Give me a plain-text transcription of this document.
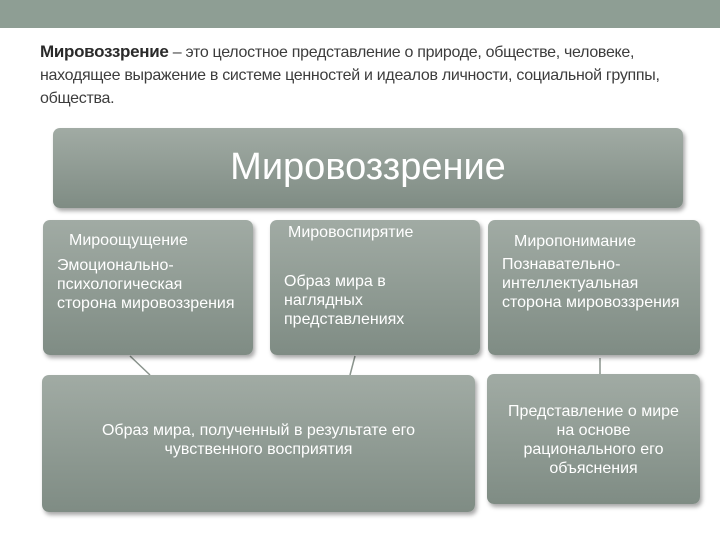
Мировоззрение – это целостное представление о природе, обществе, человеке, находящее выражение в системе ценностей и идеалов личности, социальной группы, общества.
Мировоззрение
Мироощущение
Эмоционально-психологическая сторона мировоззрения
Мировоспирятие
Образ мира в наглядных представлениях
Миропонимание
Познавательно-интеллектуальная сторона мировоззрения
Образ мира, полученный в результате его чувственного восприятия
Представление о мире на основе рационального его объяснения
